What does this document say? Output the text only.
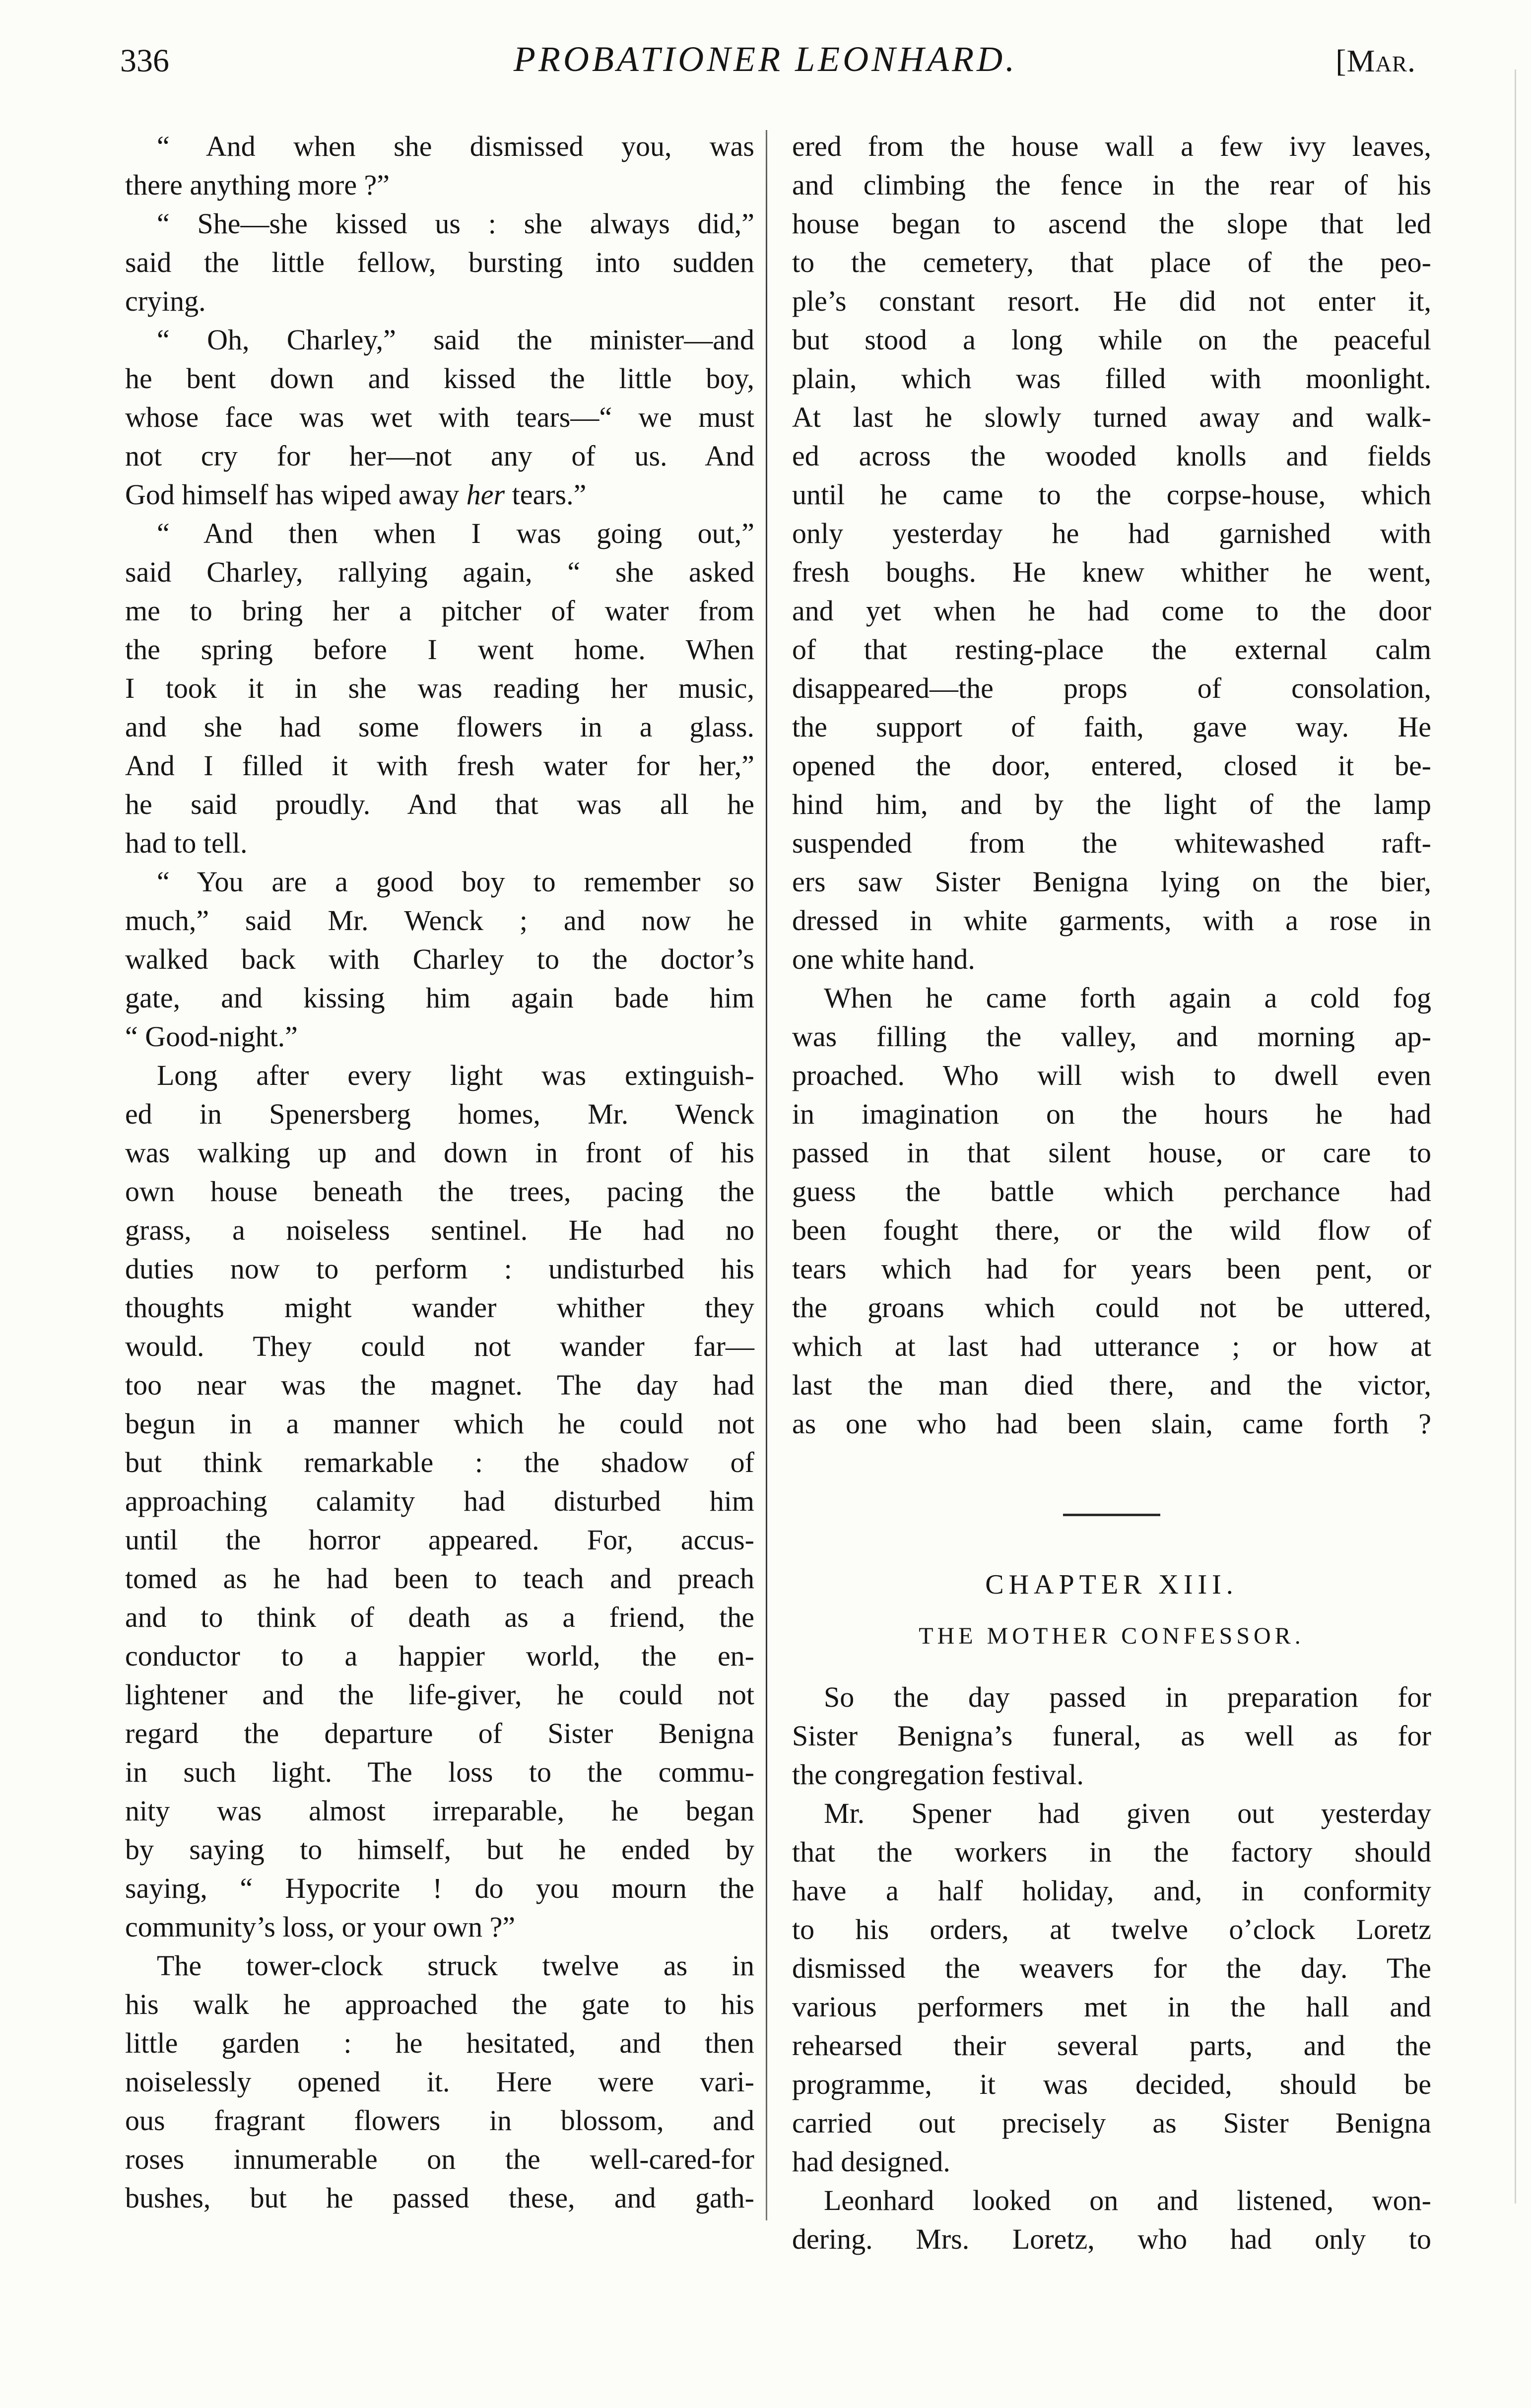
336	PROBATIONER LEONHARD.	[Mar.
“ And when she dismissed you, was
there anything more ?”
“ She—she kissed us : she always did,”
said the little fellow, bursting into sudden
crying.
“ Oh, Charley,” said the minister—and
he bent down and kissed the little boy,
whose face was wet with tears—“ we must
not cry for her—not any of us. And
God himself has wiped away her tears.”
“ And then when I was going out,”
said Charley, rallying again, “ she asked
me to bring her a pitcher of water from
the spring before I went home. When
I took it in she was reading her music,
and she had some flowers in a glass.
And I filled it with fresh water for her,”
he said proudly. And that was all he
had to tell.
“ You are a good boy to remember so
much,” said Mr. Wenck ; and now he
walked back with Charley to the doctor’s
gate, and kissing him again bade him
“ Good-night.”
Long after every light was extinguish-
ed in Spenersberg homes, Mr. Wenck
was walking up and down in front of his
own house beneath the trees, pacing the
grass, a noiseless sentinel. He had no
duties now to perform : undisturbed his
thoughts might wander whither they
would. They could not wander far—
too near was the magnet. The day had
begun in a manner which he could not
but think remarkable : the shadow of
approaching calamity had disturbed him
until the horror appeared. For, accus-
tomed as he had been to teach and preach
and to think of death as a friend, the
conductor to a happier world, the en-
lightener and the life-giver, he could not
regard the departure of Sister Benigna
in such light. The loss to the commu-
nity was almost irreparable, he began
by saying to himself, but he ended by
saying, “ Hypocrite ! do you mourn the
community’s loss, or your own ?”
The tower-clock struck twelve as in
his walk he approached the gate to his
little garden : he hesitated, and then
noiselessly opened it. Here were vari-
ous fragrant flowers in blossom, and
roses innumerable on the well-cared-for
bushes, but he passed these, and gath-
ered from the house wall a few ivy leaves,
and climbing the fence in the rear of his
house began to ascend the slope that led
to the cemetery, that place of the peo-
ple’s constant resort. He did not enter it,
but stood a long while on the peaceful
plain, which was filled with moonlight.
At last he slowly turned away and walk-
ed across the wooded knolls and fields
until he came to the corpse-house, which
only yesterday he had garnished with
fresh boughs. He knew whither he went,
and yet when he had come to the door
of that resting-place the external calm
disappeared—the props of consolation,
the support of faith, gave way. He
opened the door, entered, closed it be-
hind him, and by the light of the lamp
suspended from the whitewashed raft-
ers saw Sister Benigna lying on the bier,
dressed in white garments, with a rose in
one white hand.
When he came forth again a cold fog
was filling the valley, and morning ap-
proached. Who will wish to dwell even
in imagination on the hours he had
passed in that silent house, or care to
guess the battle which perchance had
been fought there, or the wild flow of
tears which had for years been pent, or
the groans which could not be uttered,
which at last had utterance ; or how at
last the man died there, and the victor,
as one who had been slain, came forth ?
CHAPTER XIII.
THE MOTHER CONFESSOR.
So the day passed in preparation for
Sister Benigna’s funeral, as well as for
the congregation festival.
Mr. Spener had given out yesterday
that the workers in the factory should
have a half holiday, and, in conformity
to his orders, at twelve o’clock Loretz
dismissed the weavers for the day. The
various performers met in the hall and
rehearsed their several parts, and the
programme, it was decided, should be
carried out precisely as Sister Benigna
had designed.
Leonhard looked on and listened, won-
dering. Mrs. Loretz, who had only to
